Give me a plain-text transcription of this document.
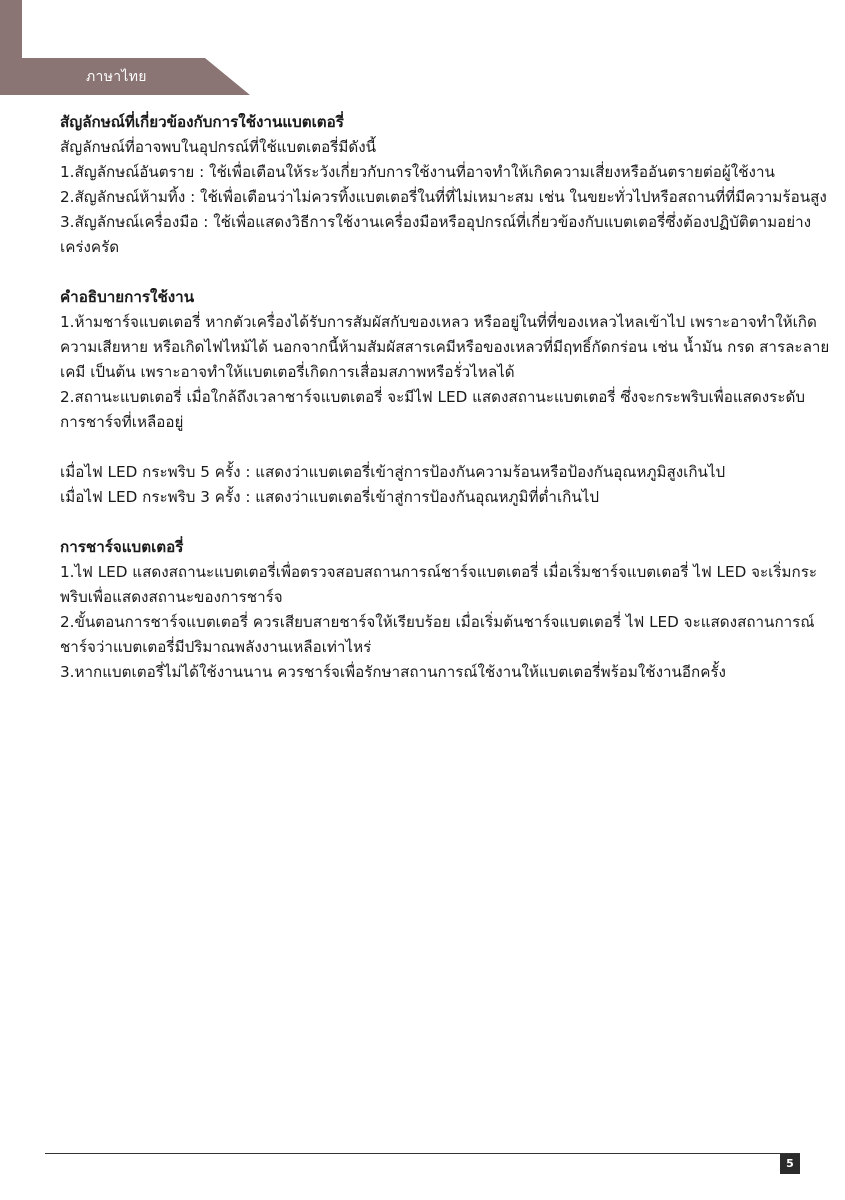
ภาษาไทย
สัญลักษณ์ที่เกี่ยวข้องกับการใช้งานแบตเตอรี่
สัญลักษณ์ที่อาจพบในอุปกรณ์ที่ใช้แบตเตอรี่มีดังนี้
1.สัญลักษณ์อันตราย : ใช้เพื่อเตือนให้ระวังเกี่ยวกับการใช้งานที่อาจทำให้เกิดความเสี่ยงหรืออันตรายต่อผู้ใช้งาน
2.สัญลักษณ์ห้ามทิ้ง : ใช้เพื่อเตือนว่าไม่ควรทิ้งแบตเตอรี่ในที่ที่ไม่เหมาะสม เช่น ในขยะทั่วไปหรือสถานที่ที่มีความร้อนสูง
3.สัญลักษณ์เครื่องมือ : ใช้เพื่อแสดงวิธีการใช้งานเครื่องมือหรืออุปกรณ์ที่เกี่ยวข้องกับแบตเตอรี่ซึ่งต้องปฏิบัติตามอย่างเคร่งครัด
คำอธิบายการใช้งาน
1.ห้ามชาร์จแบตเตอรี่ หากตัวเครื่องได้รับการสัมผัสกับของเหลว หรืออยู่ในที่ที่ของเหลวไหลเข้าไป เพราะอาจทำให้เกิดความเสียหาย หรือเกิดไฟไหม้ได้ นอกจากนี้ห้ามสัมผัสสารเคมีหรือของเหลวที่มีฤทธิ์กัดกร่อน เช่น น้ำมัน กรด สารละลายเคมี เป็นต้น เพราะอาจทำให้แบตเตอรี่เกิดการเสื่อมสภาพหรือรั่วไหลได้
2.สถานะแบตเตอรี่ เมื่อใกล้ถึงเวลาชาร์จแบตเตอรี่ จะมีไฟ LED แสดงสถานะแบตเตอรี่ ซึ่งจะกระพริบเพื่อแสดงระดับการชาร์จที่เหลืออยู่
เมื่อไฟ LED กระพริบ 5 ครั้ง : แสดงว่าแบตเตอรี่เข้าสู่การป้องกันความร้อนหรือป้องกันอุณหภูมิสูงเกินไป
เมื่อไฟ LED กระพริบ 3 ครั้ง : แสดงว่าแบตเตอรี่เข้าสู่การป้องกันอุณหภูมิที่ต่ำเกินไป
การชาร์จแบตเตอรี่
1.ไฟ LED แสดงสถานะแบตเตอรี่เพื่อตรวจสอบสถานการณ์ชาร์จแบตเตอรี่ เมื่อเริ่มชาร์จแบตเตอรี่ ไฟ LED จะเริ่มกระพริบเพื่อแสดงสถานะของการชาร์จ
2.ขั้นตอนการชาร์จแบตเตอรี่ ควรเสียบสายชาร์จให้เรียบร้อย เมื่อเริ่มต้นชาร์จแบตเตอรี่ ไฟ LED จะแสดงสถานการณ์ชาร์จว่าแบตเตอรี่มีปริมาณพลังงานเหลือเท่าไหร่
3.หากแบตเตอรี่ไม่ได้ใช้งานนาน ควรชาร์จเพื่อรักษาสถานการณ์ใช้งานให้แบตเตอรี่พร้อมใช้งานอีกครั้ง
5
